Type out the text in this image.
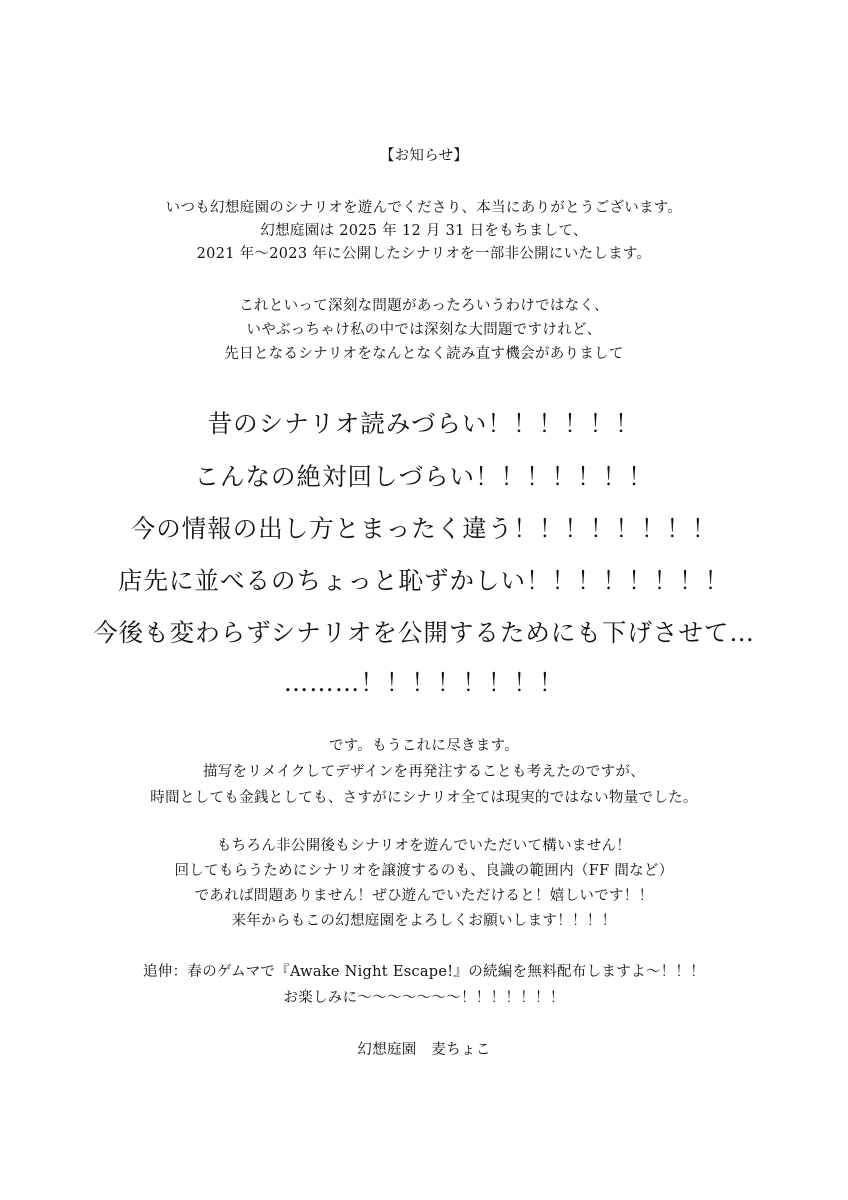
【お知らせ】
いつも幻想庭園のシナリオを遊んでくださり、本当にありがとうございます。
幻想庭園は 2025 年 12 月 31 日をもちまして、
2021 年〜2023 年に公開したシナリオを一部非公開にいたします。
これといって深刻な問題があったろいうわけではなく、
いやぶっちゃけ私の中では深刻な大問題ですけれど、
先日となるシナリオをなんとなく読み直す機会がありまして
昔のシナリオ読みづらい！！！！！！
こんなの絶対回しづらい！！！！！！！
今の情報の出し方とまったく違う！！！！！！！！
店先に並べるのちょっと恥ずかしい！！！！！！！！
今後も変わらずシナリオを公開するためにも下げさせて…
………！！！！！！！！
です。もうこれに尽きます。
描写をリメイクしてデザインを再発注することも考えたのですが、
時間としても金銭としても、さすがにシナリオ全ては現実的ではない物量でした。
もちろん非公開後もシナリオを遊んでいただいて構いません！
回してもらうためにシナリオを譲渡するのも、良識の範囲内（FF 間など）
であれば問題ありません！ぜひ遊んでいただけると！嬉しいです！！
来年からもこの幻想庭園をよろしくお願いします！！！！
追伸：春のゲムマで『Awake Night Escape!』の続編を無料配布しますよ〜！！！
お楽しみに〜〜〜〜〜〜〜！！！！！！！
幻想庭園　麦ちょこ
